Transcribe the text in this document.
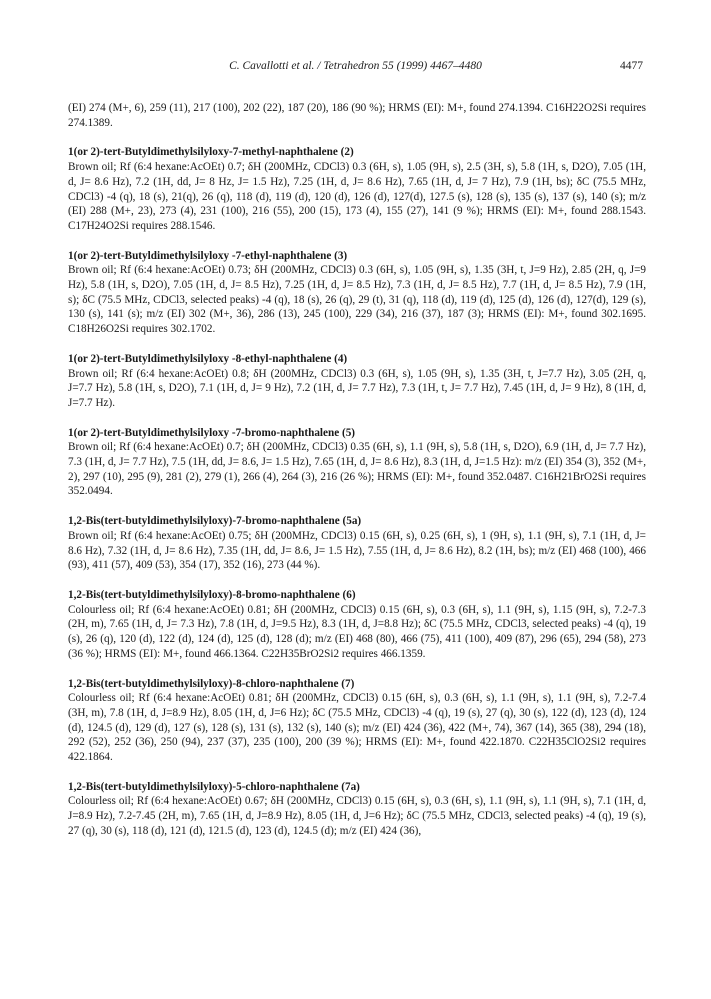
C. Cavallotti et al. / Tetrahedron 55 (1999) 4467–4480	4477

(EI) 274 (M+, 6), 259 (11), 217 (100), 202 (22), 187 (20), 186 (90 %); HRMS (EI): M+, found 274.1394. C16H22O2Si requires 274.1389.

1(or 2)-tert-Butyldimethylsilyloxy-7-methyl-naphthalene (2)

Brown oil; Rf (6:4 hexane:AcOEt) 0.7; δH (200MHz, CDCl3) 0.3 (6H, s), 1.05 (9H, s), 2.5 (3H, s), 5.8 (1H, s, D2O), 7.05 (1H, d, J= 8.6 Hz), 7.2 (1H, dd, J= 8 Hz, J= 1.5 Hz), 7.25 (1H, d, J= 8.6 Hz), 7.65 (1H, d, J= 7 Hz), 7.9 (1H, bs); δC (75.5 MHz, CDCl3) -4 (q), 18 (s), 21(q), 26 (q), 118 (d), 119 (d), 120 (d), 126 (d), 127(d), 127.5 (s), 128 (s), 135 (s), 137 (s), 140 (s); m/z (EI) 288 (M+, 23), 273 (4), 231 (100), 216 (55), 200 (15), 173 (4), 155 (27), 141 (9 %); HRMS (EI): M+, found 288.1543. C17H24O2Si requires 288.1546.

1(or 2)-tert-Butyldimethylsilyloxy -7-ethyl-naphthalene (3)

Brown oil; Rf (6:4 hexane:AcOEt) 0.73; δH (200MHz, CDCl3) 0.3 (6H, s), 1.05 (9H, s), 1.35 (3H, t, J=9 Hz), 2.85 (2H, q, J=9 Hz), 5.8 (1H, s, D2O), 7.05 (1H, d, J= 8.5 Hz), 7.25 (1H, d, J= 8.5 Hz), 7.3 (1H, d, J= 8.5 Hz), 7.7 (1H, d, J= 8.5 Hz), 7.9 (1H, s); δC (75.5 MHz, CDCl3, selected peaks) -4 (q), 18 (s), 26 (q), 29 (t), 31 (q), 118 (d), 119 (d), 125 (d), 126 (d), 127(d), 129 (s), 130 (s), 141 (s); m/z (EI) 302 (M+, 36), 286 (13), 245 (100), 229 (34), 216 (37), 187 (3); HRMS (EI): M+, found 302.1695. C18H26O2Si requires 302.1702.

1(or 2)-tert-Butyldimethylsilyloxy -8-ethyl-naphthalene (4)

Brown oil; Rf (6:4 hexane:AcOEt) 0.8; δH (200MHz, CDCl3) 0.3 (6H, s), 1.05 (9H, s), 1.35 (3H, t, J=7.7 Hz), 3.05 (2H, q, J=7.7 Hz), 5.8 (1H, s, D2O), 7.1 (1H, d, J= 9 Hz), 7.2 (1H, d, J= 7.7 Hz), 7.3 (1H, t, J= 7.7 Hz), 7.45 (1H, d, J= 9 Hz), 8 (1H, d, J=7.7 Hz).

1(or 2)-tert-Butyldimethylsilyloxy -7-bromo-naphthalene (5)

Brown oil; Rf (6:4 hexane:AcOEt) 0.7; δH (200MHz, CDCl3) 0.35 (6H, s), 1.1 (9H, s), 5.8 (1H, s, D2O), 6.9 (1H, d, J= 7.7 Hz), 7.3 (1H, d, J= 7.7 Hz), 7.5 (1H, dd, J= 8.6, J= 1.5 Hz), 7.65 (1H, d, J= 8.6 Hz), 8.3 (1H, d, J=1.5 Hz): m/z (EI) 354 (3), 352 (M+, 2), 297 (10), 295 (9), 281 (2), 279 (1), 266 (4), 264 (3), 216 (26 %); HRMS (EI): M+, found 352.0487. C16H21BrO2Si requires 352.0494.

1,2-Bis(tert-butyldimethylsilyloxy)-7-bromo-naphthalene (5a)

Brown oil; Rf (6:4 hexane:AcOEt) 0.75; δH (200MHz, CDCl3) 0.15 (6H, s), 0.25 (6H, s), 1 (9H, s), 1.1 (9H, s), 7.1 (1H, d, J= 8.6 Hz), 7.32 (1H, d, J= 8.6 Hz), 7.35 (1H, dd, J= 8.6, J= 1.5 Hz), 7.55 (1H, d, J= 8.6 Hz), 8.2 (1H, bs); m/z (EI) 468 (100), 466 (93), 411 (57), 409 (53), 354 (17), 352 (16), 273 (44 %).

1,2-Bis(tert-butyldimethylsilyloxy)-8-bromo-naphthalene (6)

Colourless oil; Rf (6:4 hexane:AcOEt) 0.81; δH (200MHz, CDCl3) 0.15 (6H, s), 0.3 (6H, s), 1.1 (9H, s), 1.15 (9H, s), 7.2-7.3 (2H, m), 7.65 (1H, d, J= 7.3 Hz), 7.8 (1H, d, J=9.5 Hz), 8.3 (1H, d, J=8.8 Hz); δC (75.5 MHz, CDCl3, selected peaks) -4 (q), 19 (s), 26 (q), 120 (d), 122 (d), 124 (d), 125 (d), 128 (d); m/z (EI) 468 (80), 466 (75), 411 (100), 409 (87), 296 (65), 294 (58), 273 (36 %); HRMS (EI): M+, found 466.1364. C22H35BrO2Si2 requires 466.1359.

1,2-Bis(tert-butyldimethylsilyloxy)-8-chloro-naphthalene (7)

Colourless oil; Rf (6:4 hexane:AcOEt) 0.81; δH (200MHz, CDCl3) 0.15 (6H, s), 0.3 (6H, s), 1.1 (9H, s), 1.1 (9H, s), 7.2-7.4 (3H, m), 7.8 (1H, d, J=8.9 Hz), 8.05 (1H, d, J=6 Hz); δC (75.5 MHz, CDCl3) -4 (q), 19 (s), 27 (q), 30 (s), 122 (d), 123 (d), 124 (d), 124.5 (d), 129 (d), 127 (s), 128 (s), 131 (s), 132 (s), 140 (s); m/z (EI) 424 (36), 422 (M+, 74), 367 (14), 365 (38), 294 (18), 292 (52), 252 (36), 250 (94), 237 (37), 235 (100), 200 (39 %); HRMS (EI): M+, found 422.1870. C22H35ClO2Si2 requires 422.1864.

1,2-Bis(tert-butyldimethylsilyloxy)-5-chloro-naphthalene (7a)

Colourless oil; Rf (6:4 hexane:AcOEt) 0.67; δH (200MHz, CDCl3) 0.15 (6H, s), 0.3 (6H, s), 1.1 (9H, s), 1.1 (9H, s), 7.1 (1H, d, J=8.9 Hz), 7.2-7.45 (2H, m), 7.65 (1H, d, J=8.9 Hz), 8.05 (1H, d, J=6 Hz); δC (75.5 MHz, CDCl3, selected peaks) -4 (q), 19 (s), 27 (q), 30 (s), 118 (d), 121 (d), 121.5 (d), 123 (d), 124.5 (d); m/z (EI) 424 (36),
